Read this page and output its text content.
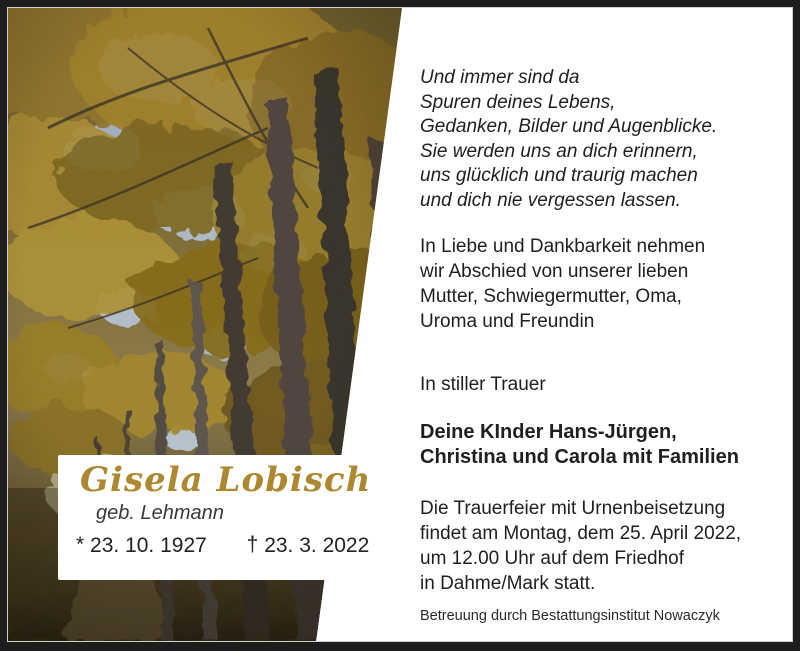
Gisela Lobisch
geb. Lehmann
* 23. 10. 1927 † 23. 3. 2022
Und immer sind da
Spuren deines Lebens,
Gedanken, Bilder und Augenblicke.
Sie werden uns an dich erinnern,
uns glücklich und traurig machen
und dich nie vergessen lassen.
In Liebe und Dankbarkeit nehmen
wir Abschied von unserer lieben
Mutter, Schwiegermutter, Oma,
Uroma und Freundin
In stiller Trauer
Deine KInder Hans-Jürgen,
Christina und Carola mit Familien
Die Trauerfeier mit Urnenbeisetzung
findet am Montag, dem 25. April 2022,
um 12.00 Uhr auf dem Friedhof
in Dahme/Mark statt.
Betreuung durch Bestattungsinstitut Nowaczyk
